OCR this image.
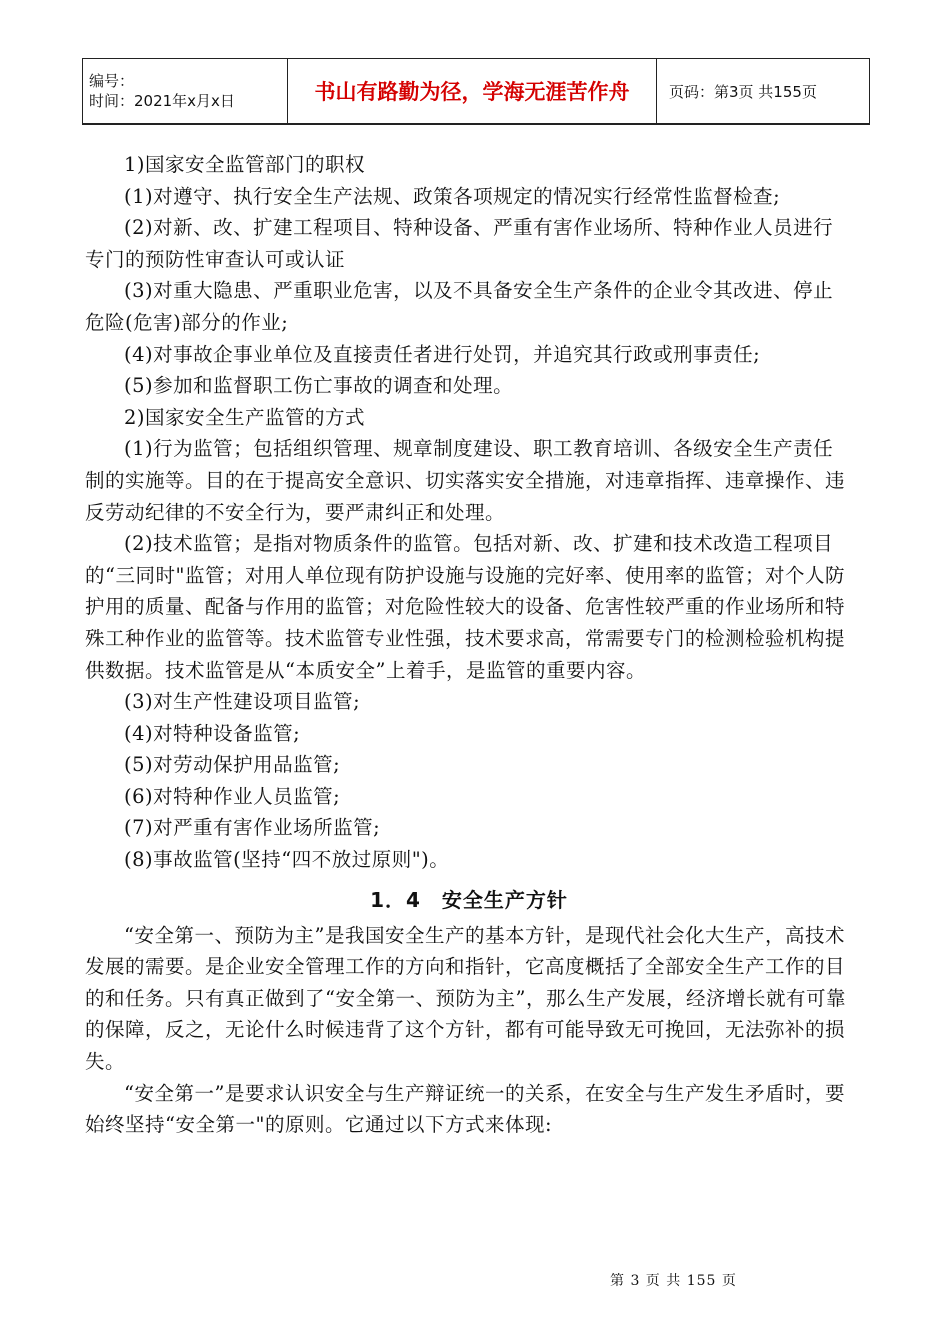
编号：
时间：2021年x月x日	书山有路勤为径，学海无涯苦作舟	页码：第3页 共155页

1)国家安全监管部门的职权

(1)对遵守、执行安全生产法规、政策各项规定的情况实行经常性监督检查;

(2)对新、改、扩建工程项目、特种设备、严重有害作业场所、特种作业人员进行专门的预防性审查认可或认证

(3)对重大隐患、严重职业危害，以及不具备安全生产条件的企业令其改进、停止危险(危害)部分的作业;

(4)对事故企事业单位及直接责任者进行处罚，并追究其行政或刑事责任;

(5)参加和监督职工伤亡事故的调查和处理。

2)国家安全生产监管的方式

(1)行为监管；包括组织管理、规章制度建设、职工教育培训、各级安全生产责任制的实施等。目的在于提高安全意识、切实落实安全措施，对违章指挥、违章操作、违反劳动纪律的不安全行为，要严肃纠正和处理。

(2)技术监管；是指对物质条件的监管。包括对新、改、扩建和技术改造工程项目的“三同时"监管；对用人单位现有防护设施与设施的完好率、使用率的监管；对个人防护用的质量、配备与作用的监管；对危险性较大的设备、危害性较严重的作业场所和特殊工种作业的监管等。技术监管专业性强，技术要求高，常需要专门的检测检验机构提供数据。技术监管是从“本质安全”上着手，是监管的重要内容。

(3)对生产性建设项目监管;

(4)对特种设备监管;

(5)对劳动保护用品监管;

(6)对特种作业人员监管;

(7)对严重有害作业场所监管;

(8)事故监管(坚持“四不放过原则")。

1．4　安全生产方针

“安全第一、预防为主”是我国安全生产的基本方针，是现代社会化大生产，高技术发展的需要。是企业安全管理工作的方向和指针，它高度概括了全部安全生产工作的目的和任务。只有真正做到了“安全第一、预防为主”，那么生产发展，经济增长就有可靠的保障，反之，无论什么时候违背了这个方针，都有可能导致无可挽回，无法弥补的损失。

“安全第一”是要求认识安全与生产辩证统一的关系，在安全与生产发生矛盾时，要始终坚持“安全第一"的原则。它通过以下方式来体现:

第 3 页 共 155 页
